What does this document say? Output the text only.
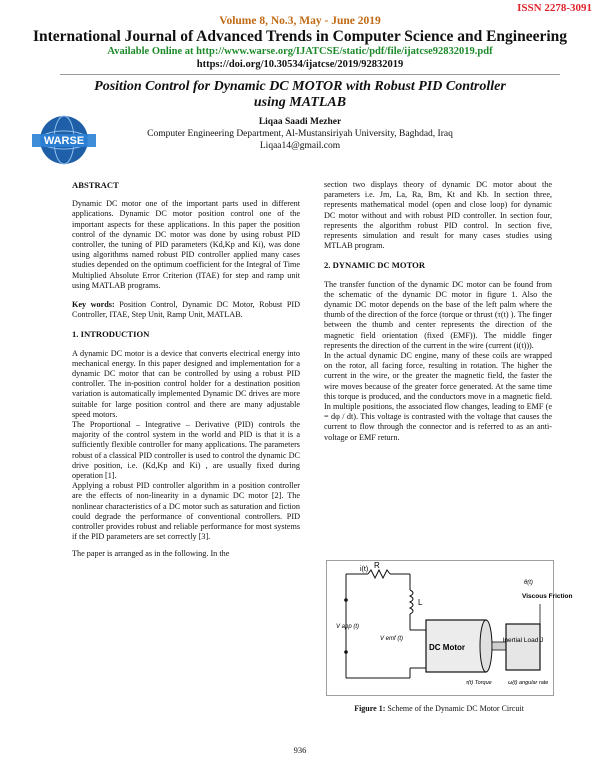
ISSN 2278-3091
Volume 8, No.3, May - June 2019
International Journal of Advanced Trends in Computer Science and Engineering
Available Online at http://www.warse.org/IJATCSE/static/pdf/file/ijatcse92832019.pdf
https://doi.org/10.30534/ijatcse/2019/92832019
Position Control for Dynamic DC MOTOR with Robust PID Controller using MATLAB
WARSE
Liqaa Saadi Mezher
Computer Engineering Department, Al-Mustansiriyah University, Baghdad, Iraq
Liqaa14@gmail.com

ABSTRACT

Dynamic DC motor one of the important parts used in different applications. Dynamic DC motor position control one of the important aspects for these applications. In this paper the position control of the dynamic DC motor was done by using robust PID controller, the tuning of PID parameters (Kd,Kp and Ki), was done using algorithms named robust PID controller applied many cases studies depended on the optimum coefficient for the Integral of Time Multiplied Absolute Error Criterion (ITAE) for step and ramp unit using MATLAB programs.

Key words: Position Control, Dynamic DC Motor, Robust PID Controller, ITAE, Step Unit, Ramp Unit, MATLAB.

1. INTRODUCTION

A dynamic DC motor is a device that converts electrical energy into mechanical energy. In this paper designed and implementation for a dynamic DC motor that can be controlled by using a robust PID controller. The in-position control holder for a destination position variation is automatically implemented Dynamic DC drives are more suitable for large position control and there are many adjustable speed motors.

The Proportional – Integrative – Derivative (PID) controls the majority of the control system in the world and PID is that it is a sufficiently flexible controller for many applications. The parameters robust of a classical PID controller is used to control the dynamic DC drive position, i.e. (Kd,Kp and Ki) , are usually fixed during operation [1].

Applying a robust PID controller algorithm in a position controller are the effects of non-linearity in a dynamic DC motor [2]. The nonlinear characteristics of a DC motor such as saturation and fiction could degrade the performance of conventional controllers. PID controller provides robust and reliable performance for most systems if the PID parameters are set correctly [3].

The paper is arranged as in the following. In the

section two displays theory of dynamic DC motor about the parameters i.e. Jm, La, Ra, Bm, Kt and Kb. In section three, represents mathematical model (open and close loop) for dynamic DC motor without and with robust PID controller. In section four, represents the algorithm robust PID control. In section five, represents simulation and result for many cases studies using MTLAB program.

2. DYNAMIC DC MOTOR

The transfer function of the dynamic DC motor can be found from the schematic of the dynamic DC motor in figure 1. Also the dynamic DC motor depends on the base of the left palm where the thumb of the direction of the force (torque or thrust (τ(t) ). The finger between the thumb and center represents the direction of the magnetic field orientation (fixed (EMF)). The middle finger represents the direction of the current in the wire (current (i(t))).

In the actual dynamic DC engine, many of these coils are wrapped on the rotor, all facing force, resulting in rotation. The higher the current in the wire, or the greater the magnetic field, the faster the wire moves because of the greater force generated. At the same time this torque is produced, and the conductors move in a magnetic field. In multiple positions, the associated flow changes, leading to EMF (e = dφ / dt). This voltage is contrasted with the voltage that causes the current to flow through the connector and is referred to as an anti-voltage or EMF return.

i(t) R
L
V app (t)
V emf (t)
DC Motor
Inertial Load J
τ(t) Torque	ω(t) angular rate
Viscous Friction
θ(t)
Figure 1: Scheme of the Dynamic DC Motor Circuit
936
